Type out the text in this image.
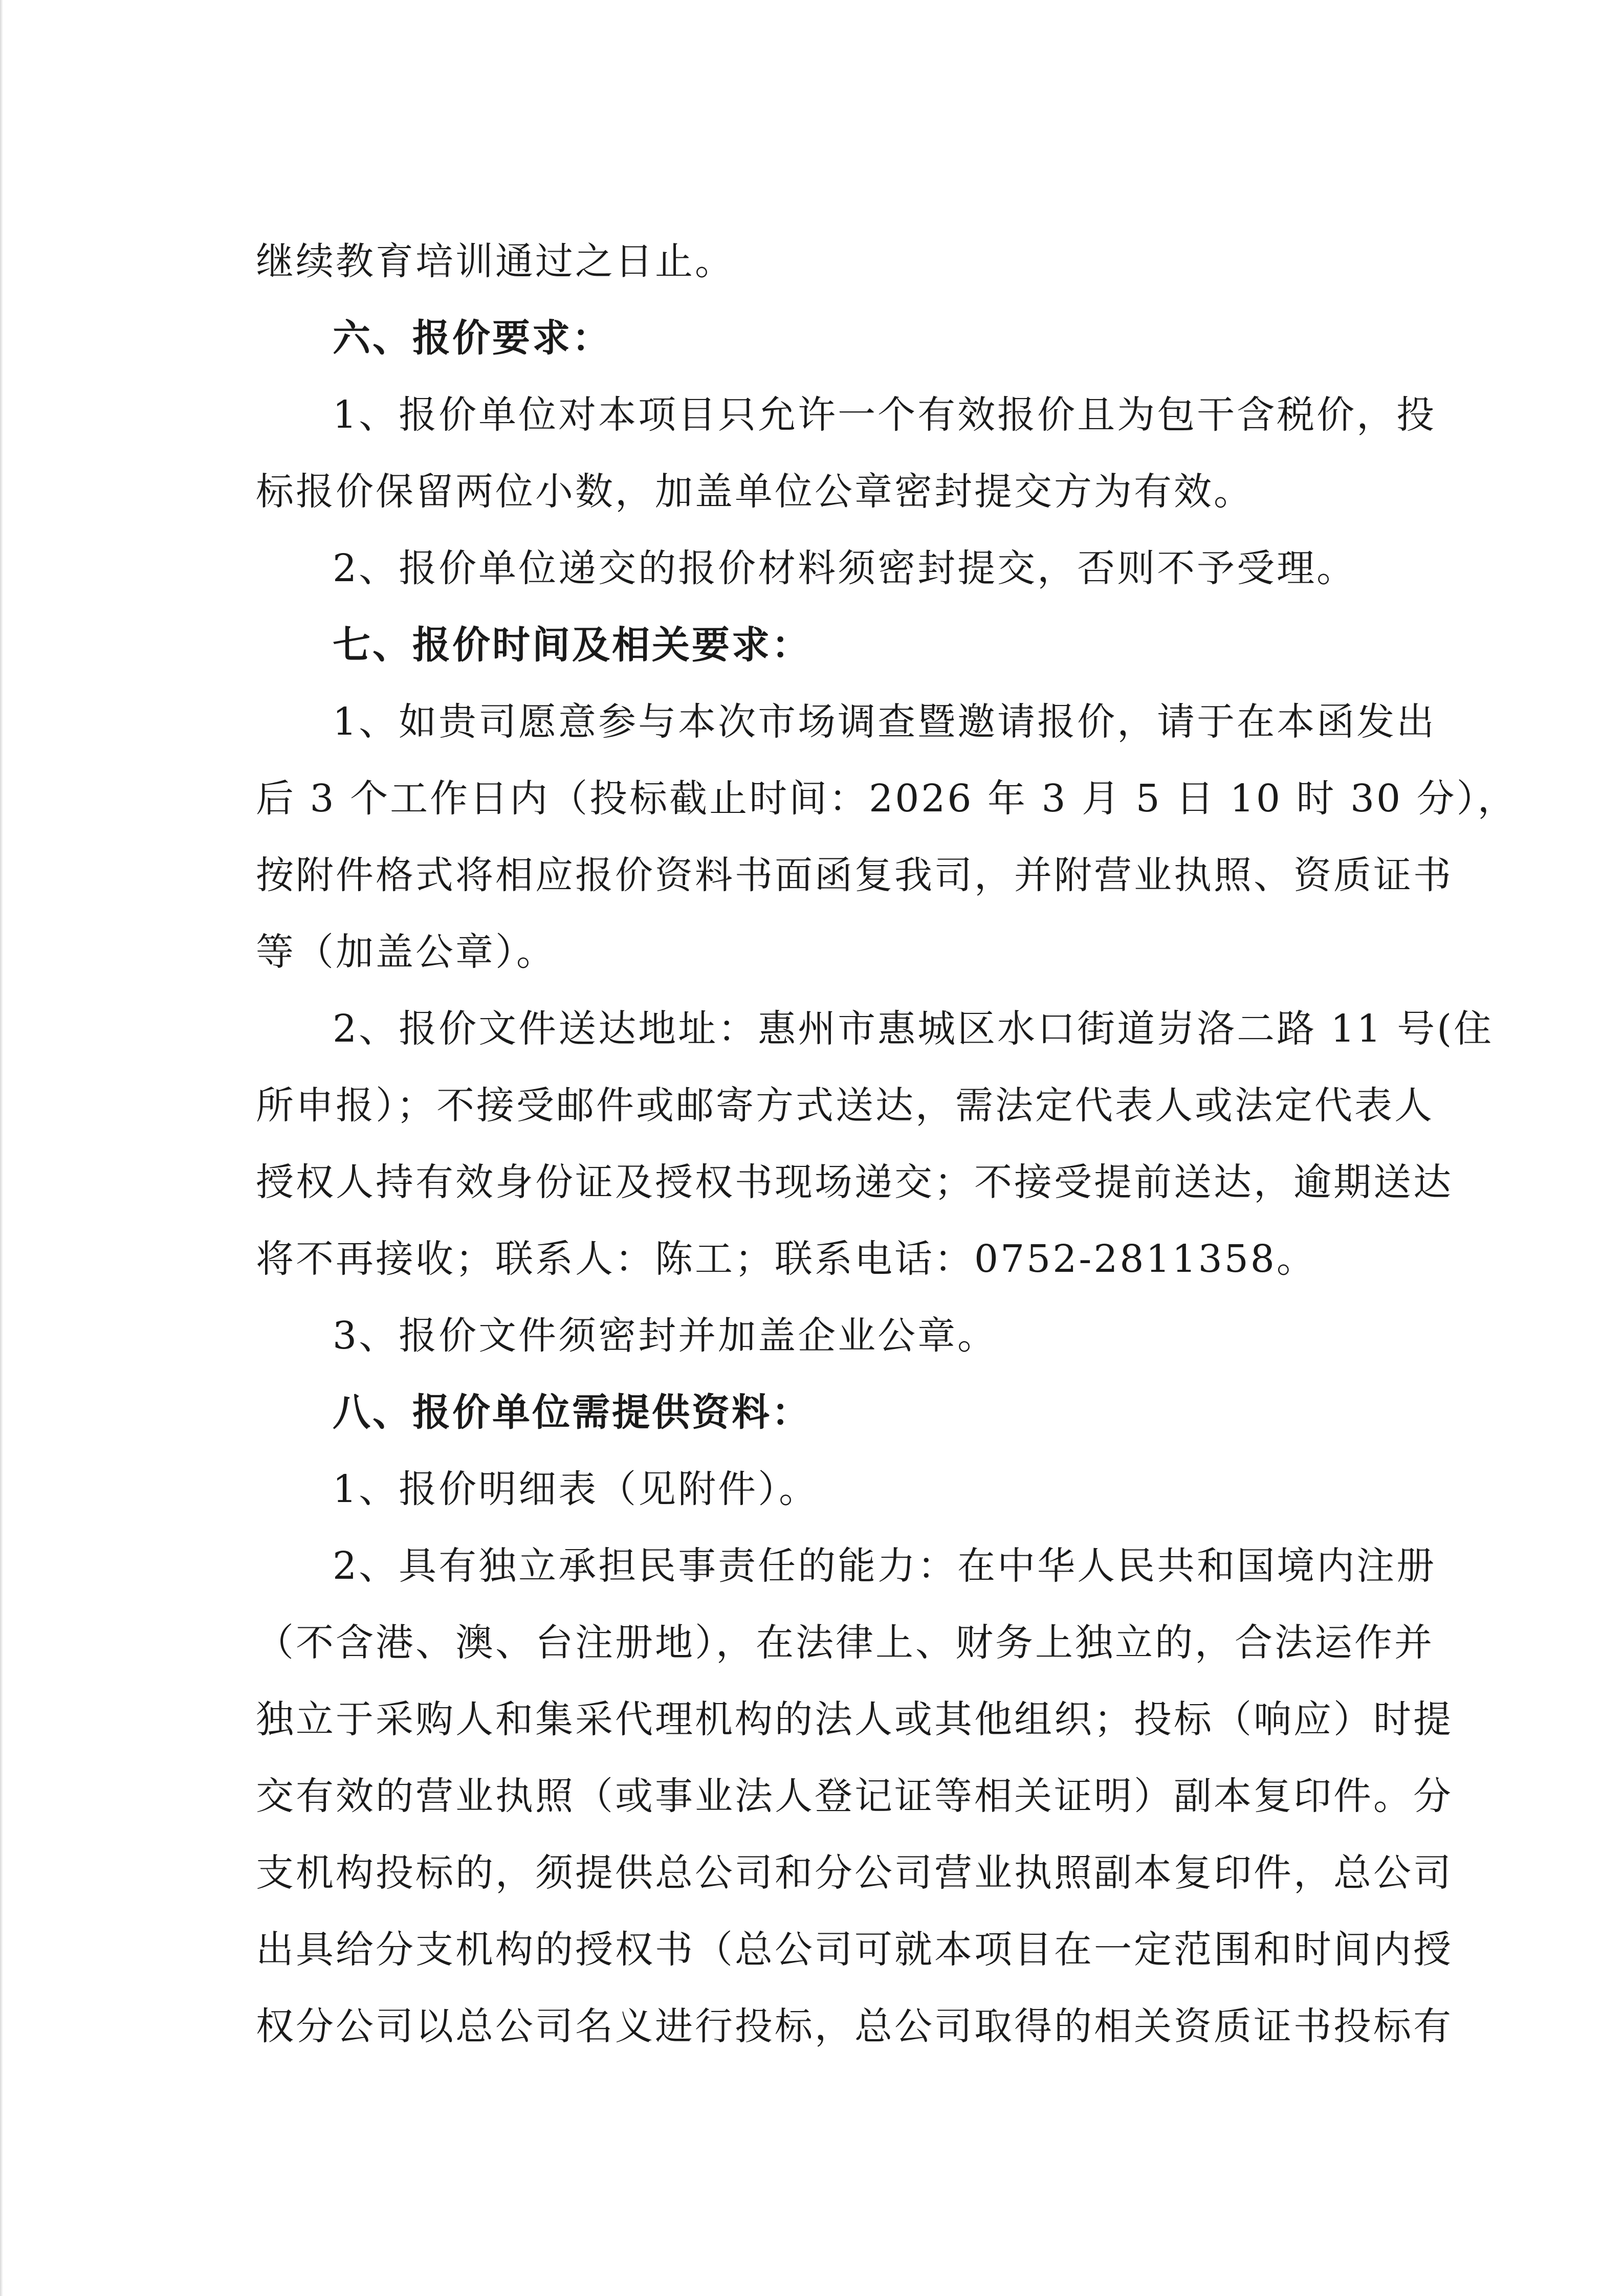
继续教育培训通过之日止。
六、报价要求：
1、报价单位对本项目只允许一个有效报价且为包干含税价，投
标报价保留两位小数，加盖单位公章密封提交方为有效。
2、报价单位递交的报价材料须密封提交，否则不予受理。
七、报价时间及相关要求：
1、如贵司愿意参与本次市场调查暨邀请报价，请于在本函发出
后 3 个工作日内（投标截止时间：2026 年 3 月 5 日 10 时 30 分），
按附件格式将相应报价资料书面函复我司，并附营业执照、资质证书
等（加盖公章）。
2、报价文件送达地址：惠州市惠城区水口街道岃洛二路 11 号(住
所申报）；不接受邮件或邮寄方式送达，需法定代表人或法定代表人
授权人持有效身份证及授权书现场递交；不接受提前送达，逾期送达
将不再接收；联系人：陈工；联系电话：0752-2811358。
3、报价文件须密封并加盖企业公章。
八、报价单位需提供资料：
1、报价明细表（见附件）。
2、具有独立承担民事责任的能力：在中华人民共和国境内注册
（不含港、澳、台注册地），在法律上、财务上独立的，合法运作并
独立于采购人和集采代理机构的法人或其他组织；投标（响应）时提
交有效的营业执照（或事业法人登记证等相关证明）副本复印件。分
支机构投标的，须提供总公司和分公司营业执照副本复印件，总公司
出具给分支机构的授权书（总公司可就本项目在一定范围和时间内授
权分公司以总公司名义进行投标，总公司取得的相关资质证书投标有
